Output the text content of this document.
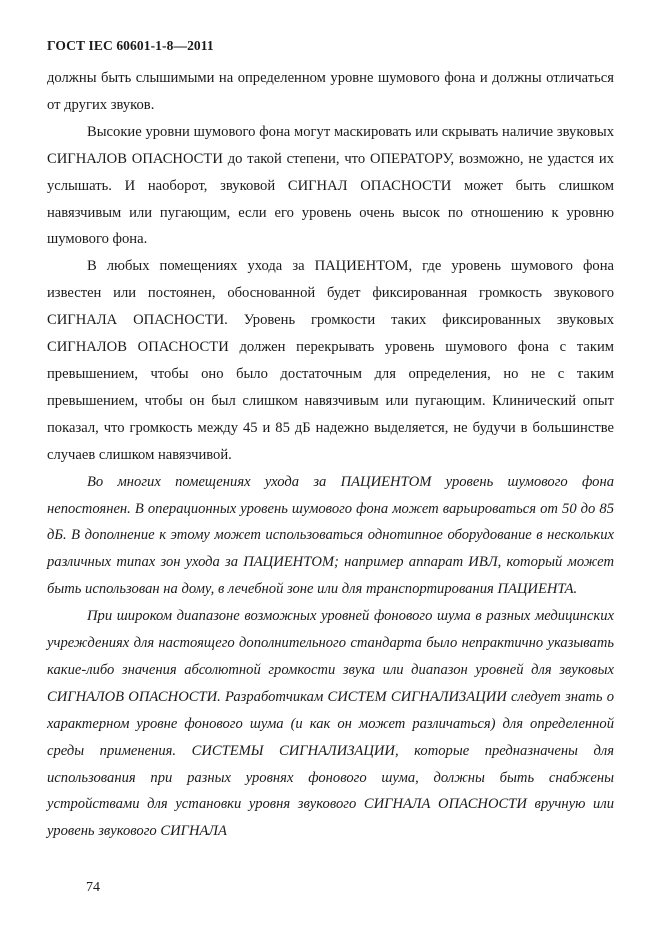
ГОСТ IEC 60601-1-8—2011

должны быть слышимыми на определенном уровне шумового фона и должны отличаться от других звуков.

Высокие уровни шумового фона могут маскировать или скрывать наличие звуковых СИГНАЛОВ ОПАСНОСТИ до такой степени, что ОПЕРАТОРУ, возможно, не удастся их услышать. И наоборот, звуковой СИГНАЛ ОПАСНОСТИ может быть слишком навязчивым или пугающим, если его уровень очень высок по отношению к уровню шумового фона.

В любых помещениях ухода за ПАЦИЕНТОМ, где уровень шумового фона известен или постоянен, обоснованной будет фиксированная громкость звукового СИГНАЛА ОПАСНОСТИ. Уровень громкости таких фиксированных звуковых СИГНАЛОВ ОПАСНОСТИ должен перекрывать уровень шумового фона с таким превышением, чтобы оно было достаточным для определения, но не с таким превышением, чтобы он был слишком навязчивым или пугающим. Клинический опыт показал, что громкость между 45 и 85 дБ надежно выделяется, не будучи в большинстве случаев слишком навязчивой.

Во многих помещениях ухода за ПАЦИЕНТОМ уровень шумового фона непостоянен. В операционных уровень шумового фона может варьироваться от 50 до 85 дБ. В дополнение к этому может использоваться однотипное оборудование в нескольких различных типах зон ухода за ПАЦИЕНТОМ; например аппарат ИВЛ, который может быть использован на дому, в лечебной зоне или для транспортирования ПАЦИЕНТА.

При широком диапазоне возможных уровней фонового шума в разных медицинских учреждениях для настоящего дополнительного стандарта было непрактично указывать какие-либо значения абсолютной громкости звука или диапазон уровней для звуковых СИГНАЛОВ ОПАСНОСТИ. Разработчикам СИСТЕМ СИГНАЛИЗАЦИИ следует знать о характерном уровне фонового шума (и как он может различаться) для определенной среды применения. СИСТЕМЫ СИГНАЛИЗАЦИИ, которые предназначены для использования при разных уровнях фонового шума, должны быть снабжены устройствами для установки уровня звукового СИГНАЛА ОПАСНОСТИ вручную или уровень звукового СИГНАЛА

74
